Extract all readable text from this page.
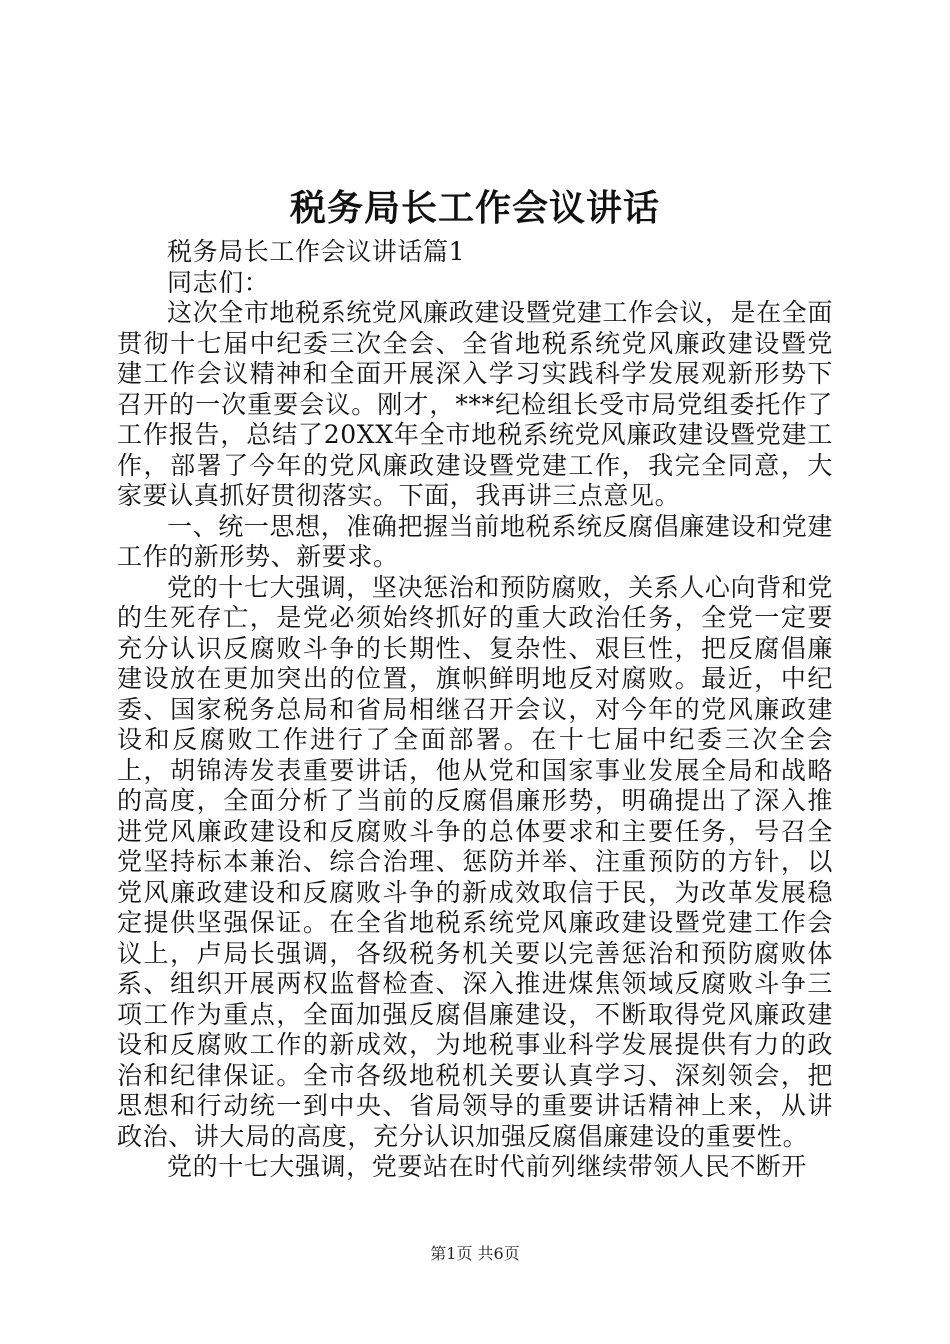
税务局长工作会议讲话

税务局长工作会议讲话篇1

同志们：

这次全市地税系统党风廉政建设暨党建工作会议，是在全面贯彻十七届中纪委三次全会、全省地税系统党风廉政建设暨党建工作会议精神和全面开展深入学习实践科学发展观新形势下召开的一次重要会议。刚才，***纪检组长受市局党组委托作了工作报告，总结了20XX年全市地税系统党风廉政建设暨党建工作，部署了今年的党风廉政建设暨党建工作，我完全同意，大家要认真抓好贯彻落实。下面，我再讲三点意见。

一、统一思想，准确把握当前地税系统反腐倡廉建设和党建工作的新形势、新要求。

党的十七大强调，坚决惩治和预防腐败，关系人心向背和党的生死存亡，是党必须始终抓好的重大政治任务，全党一定要充分认识反腐败斗争的长期性、复杂性、艰巨性，把反腐倡廉建设放在更加突出的位置，旗帜鲜明地反对腐败。最近，中纪委、国家税务总局和省局相继召开会议，对今年的党风廉政建设和反腐败工作进行了全面部署。在十七届中纪委三次全会上，胡锦涛发表重要讲话，他从党和国家事业发展全局和战略的高度，全面分析了当前的反腐倡廉形势，明确提出了深入推进党风廉政建设和反腐败斗争的总体要求和主要任务，号召全党坚持标本兼治、综合治理、惩防并举、注重预防的方针，以党风廉政建设和反腐败斗争的新成效取信于民，为改革发展稳定提供坚强保证。在全省地税系统党风廉政建设暨党建工作会议上，卢局长强调，各级税务机关要以完善惩治和预防腐败体系、组织开展两权监督检查、深入推进煤焦领域反腐败斗争三项工作为重点，全面加强反腐倡廉建设，不断取得党风廉政建设和反腐败工作的新成效，为地税事业科学发展提供有力的政治和纪律保证。全市各级地税机关要认真学习、深刻领会，把思想和行动统一到中央、省局领导的重要讲话精神上来，从讲政治、讲大局的高度，充分认识加强反腐倡廉建设的重要性。

党的十七大强调，党要站在时代前列继续带领人民不断开

第1页 共6页
